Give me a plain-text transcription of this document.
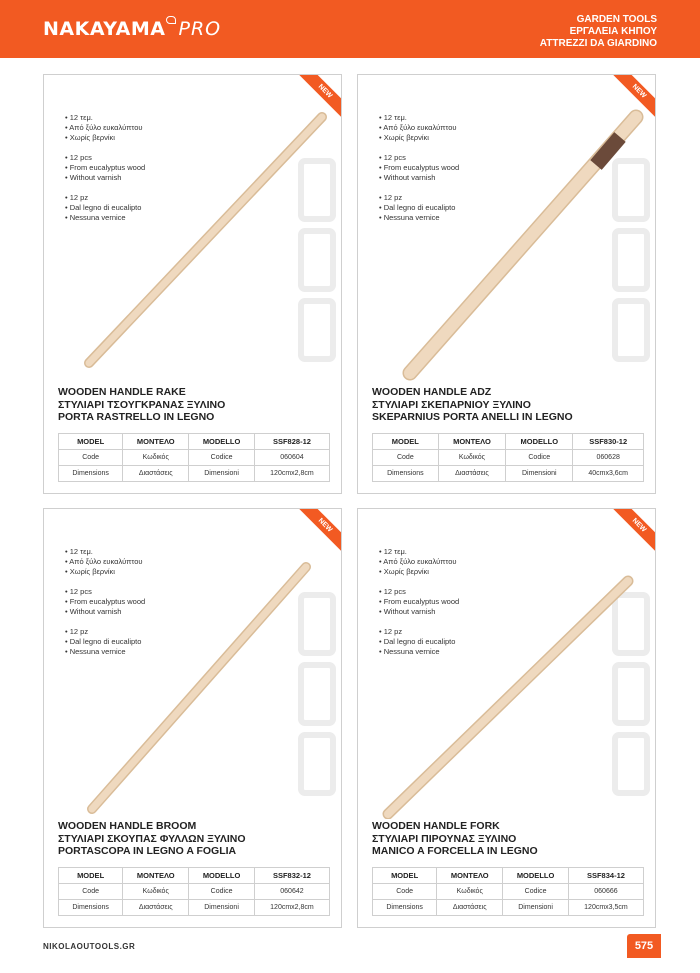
NAKAYAMA PRO	GARDEN TOOLS
ΕΡΓΑΛΕΙΑ ΚΗΠΟΥ
ATTREZZI DA GIARDINO
NEW
• 12 τεμ.
• Από ξύλο ευκαλύπτου
• Χωρίς βερνίκι
• 12 pcs
• From eucalyptus wood
• Without varnish
• 12 pz
• Dal legno di eucalipto
• Nessuna vernice
WOODEN HANDLE RAKE
ΣΤΥΛΙΑΡΙ ΤΣΟΥΓΚΡΑΝΑΣ ΞΥΛΙΝΟ
PORTA RASTRELLO IN LEGNO
MODEL	ΜΟΝΤΕΛΟ	MODELLO	SSF828-12
Code	Κωδικός	Codice	060604
Dimensions	Διαστάσεις	Dimensioni	120cmx2,8cm
NEW
• 12 τεμ.
• Από ξύλο ευκαλύπτου
• Χωρίς βερνίκι
• 12 pcs
• From eucalyptus wood
• Without varnish
• 12 pz
• Dal legno di eucalipto
• Nessuna vernice
WOODEN HANDLE ADZ
ΣΤΥΛΙΑΡΙ ΣΚΕΠΑΡΝΙΟΥ ΞΥΛΙΝΟ
SKEPARNIUS PORTA ANELLI IN LEGNO
MODEL	ΜΟΝΤΕΛΟ	MODELLO	SSF830-12
Code	Κωδικός	Codice	060628
Dimensions	Διαστάσεις	Dimensioni	40cmx3,6cm
NEW
• 12 τεμ.
• Από ξύλο ευκαλύπτου
• Χωρίς βερνίκι
• 12 pcs
• From eucalyptus wood
• Without varnish
• 12 pz
• Dal legno di eucalipto
• Nessuna vernice
WOODEN HANDLE BROOM
ΣΤΥΛΙΑΡΙ ΣΚΟΥΠΑΣ ΦΥΛΛΩΝ ΞΥΛΙΝΟ
PORTASCOPA IN LEGNO A FOGLIA
MODEL	ΜΟΝΤΕΛΟ	MODELLO	SSF832-12
Code	Κωδικός	Codice	060642
Dimensions	Διαστάσεις	Dimensioni	120cmx2,8cm
NEW
• 12 τεμ.
• Από ξύλο ευκαλύπτου
• Χωρίς βερνίκι
• 12 pcs
• From eucalyptus wood
• Without varnish
• 12 pz
• Dal legno di eucalipto
• Nessuna vernice
WOODEN HANDLE FORK
ΣΤΥΛΙΑΡΙ ΠΙΡΟΥΝΑΣ ΞΥΛΙΝΟ
MANICO A FORCELLA IN LEGNO
MODEL	ΜΟΝΤΕΛΟ	MODELLO	SSF834-12
Code	Κωδικός	Codice	060666
Dimensions	Διαστάσεις	Dimensioni	120cmx3,5cm
NIKOLAOUTOOLS.GR	575
